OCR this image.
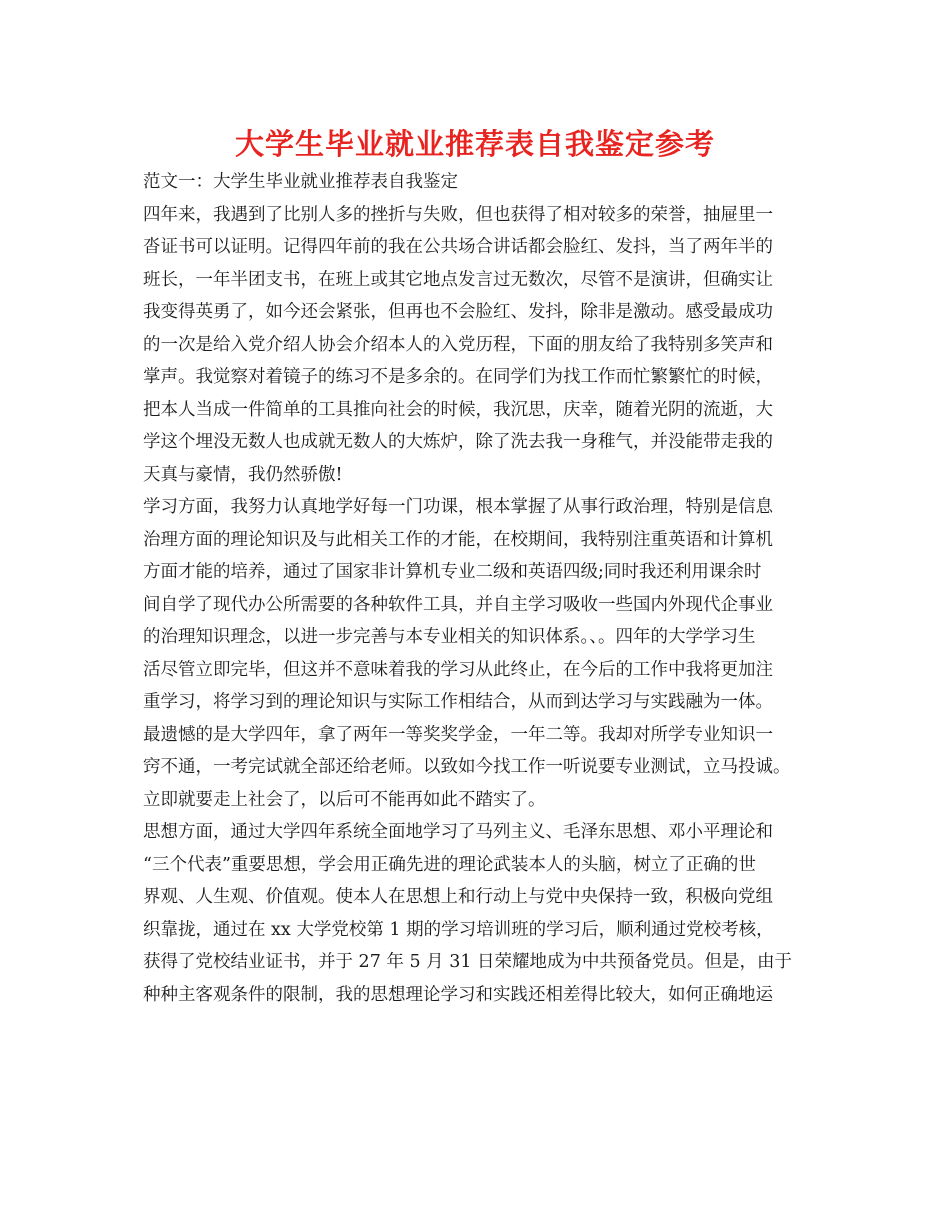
大学生毕业就业推荐表自我鉴定参考
范文一：大学生毕业就业推荐表自我鉴定
四年来，我遇到了比别人多的挫折与失败，但也获得了相对较多的荣誉，抽屉里一
沓证书可以证明。记得四年前的我在公共场合讲话都会脸红、发抖，当了两年半的
班长，一年半团支书，在班上或其它地点发言过无数次，尽管不是演讲，但确实让
我变得英勇了，如今还会紧张，但再也不会脸红、发抖，除非是激动。感受最成功
的一次是给入党介绍人协会介绍本人的入党历程，下面的朋友给了我特别多笑声和
掌声。我觉察对着镜子的练习不是多余的。在同学们为找工作而忙繁繁忙的时候，
把本人当成一件简单的工具推向社会的时候，我沉思，庆幸，随着光阴的流逝，大
学这个埋没无数人也成就无数人的大炼炉，除了洗去我一身稚气，并没能带走我的
天真与豪情，我仍然骄傲!
学习方面，我努力认真地学好每一门功课，根本掌握了从事行政治理，特别是信息
治理方面的理论知识及与此相关工作的才能，在校期间，我特别注重英语和计算机
方面才能的培养，通过了国家非计算机专业二级和英语四级;同时我还利用课余时
间自学了现代办公所需要的各种软件工具，并自主学习吸收一些国内外现代企事业
的治理知识理念，以进一步完善与本专业相关的知识体系。、。四年的大学学习生
活尽管立即完毕，但这并不意味着我的学习从此终止，在今后的工作中我将更加注
重学习，将学习到的理论知识与实际工作相结合，从而到达学习与实践融为一体。
最遗憾的是大学四年，拿了两年一等奖奖学金，一年二等。我却对所学专业知识一
窍不通，一考完试就全部还给老师。以致如今找工作一听说要专业测试，立马投诚。
立即就要走上社会了，以后可不能再如此不踏实了。
思想方面，通过大学四年系统全面地学习了马列主义、毛泽东思想、邓小平理论和
“三个代表”重要思想，学会用正确先进的理论武装本人的头脑，树立了正确的世
界观、人生观、价值观。使本人在思想上和行动上与党中央保持一致，积极向党组
织靠拢，通过在 xx 大学党校第 1 期的学习培训班的学习后，顺利通过党校考核，
获得了党校结业证书，并于 27 年 5 月 31 日荣耀地成为中共预备党员。但是，由于
种种主客观条件的限制，我的思想理论学习和实践还相差得比较大，如何正确地运
